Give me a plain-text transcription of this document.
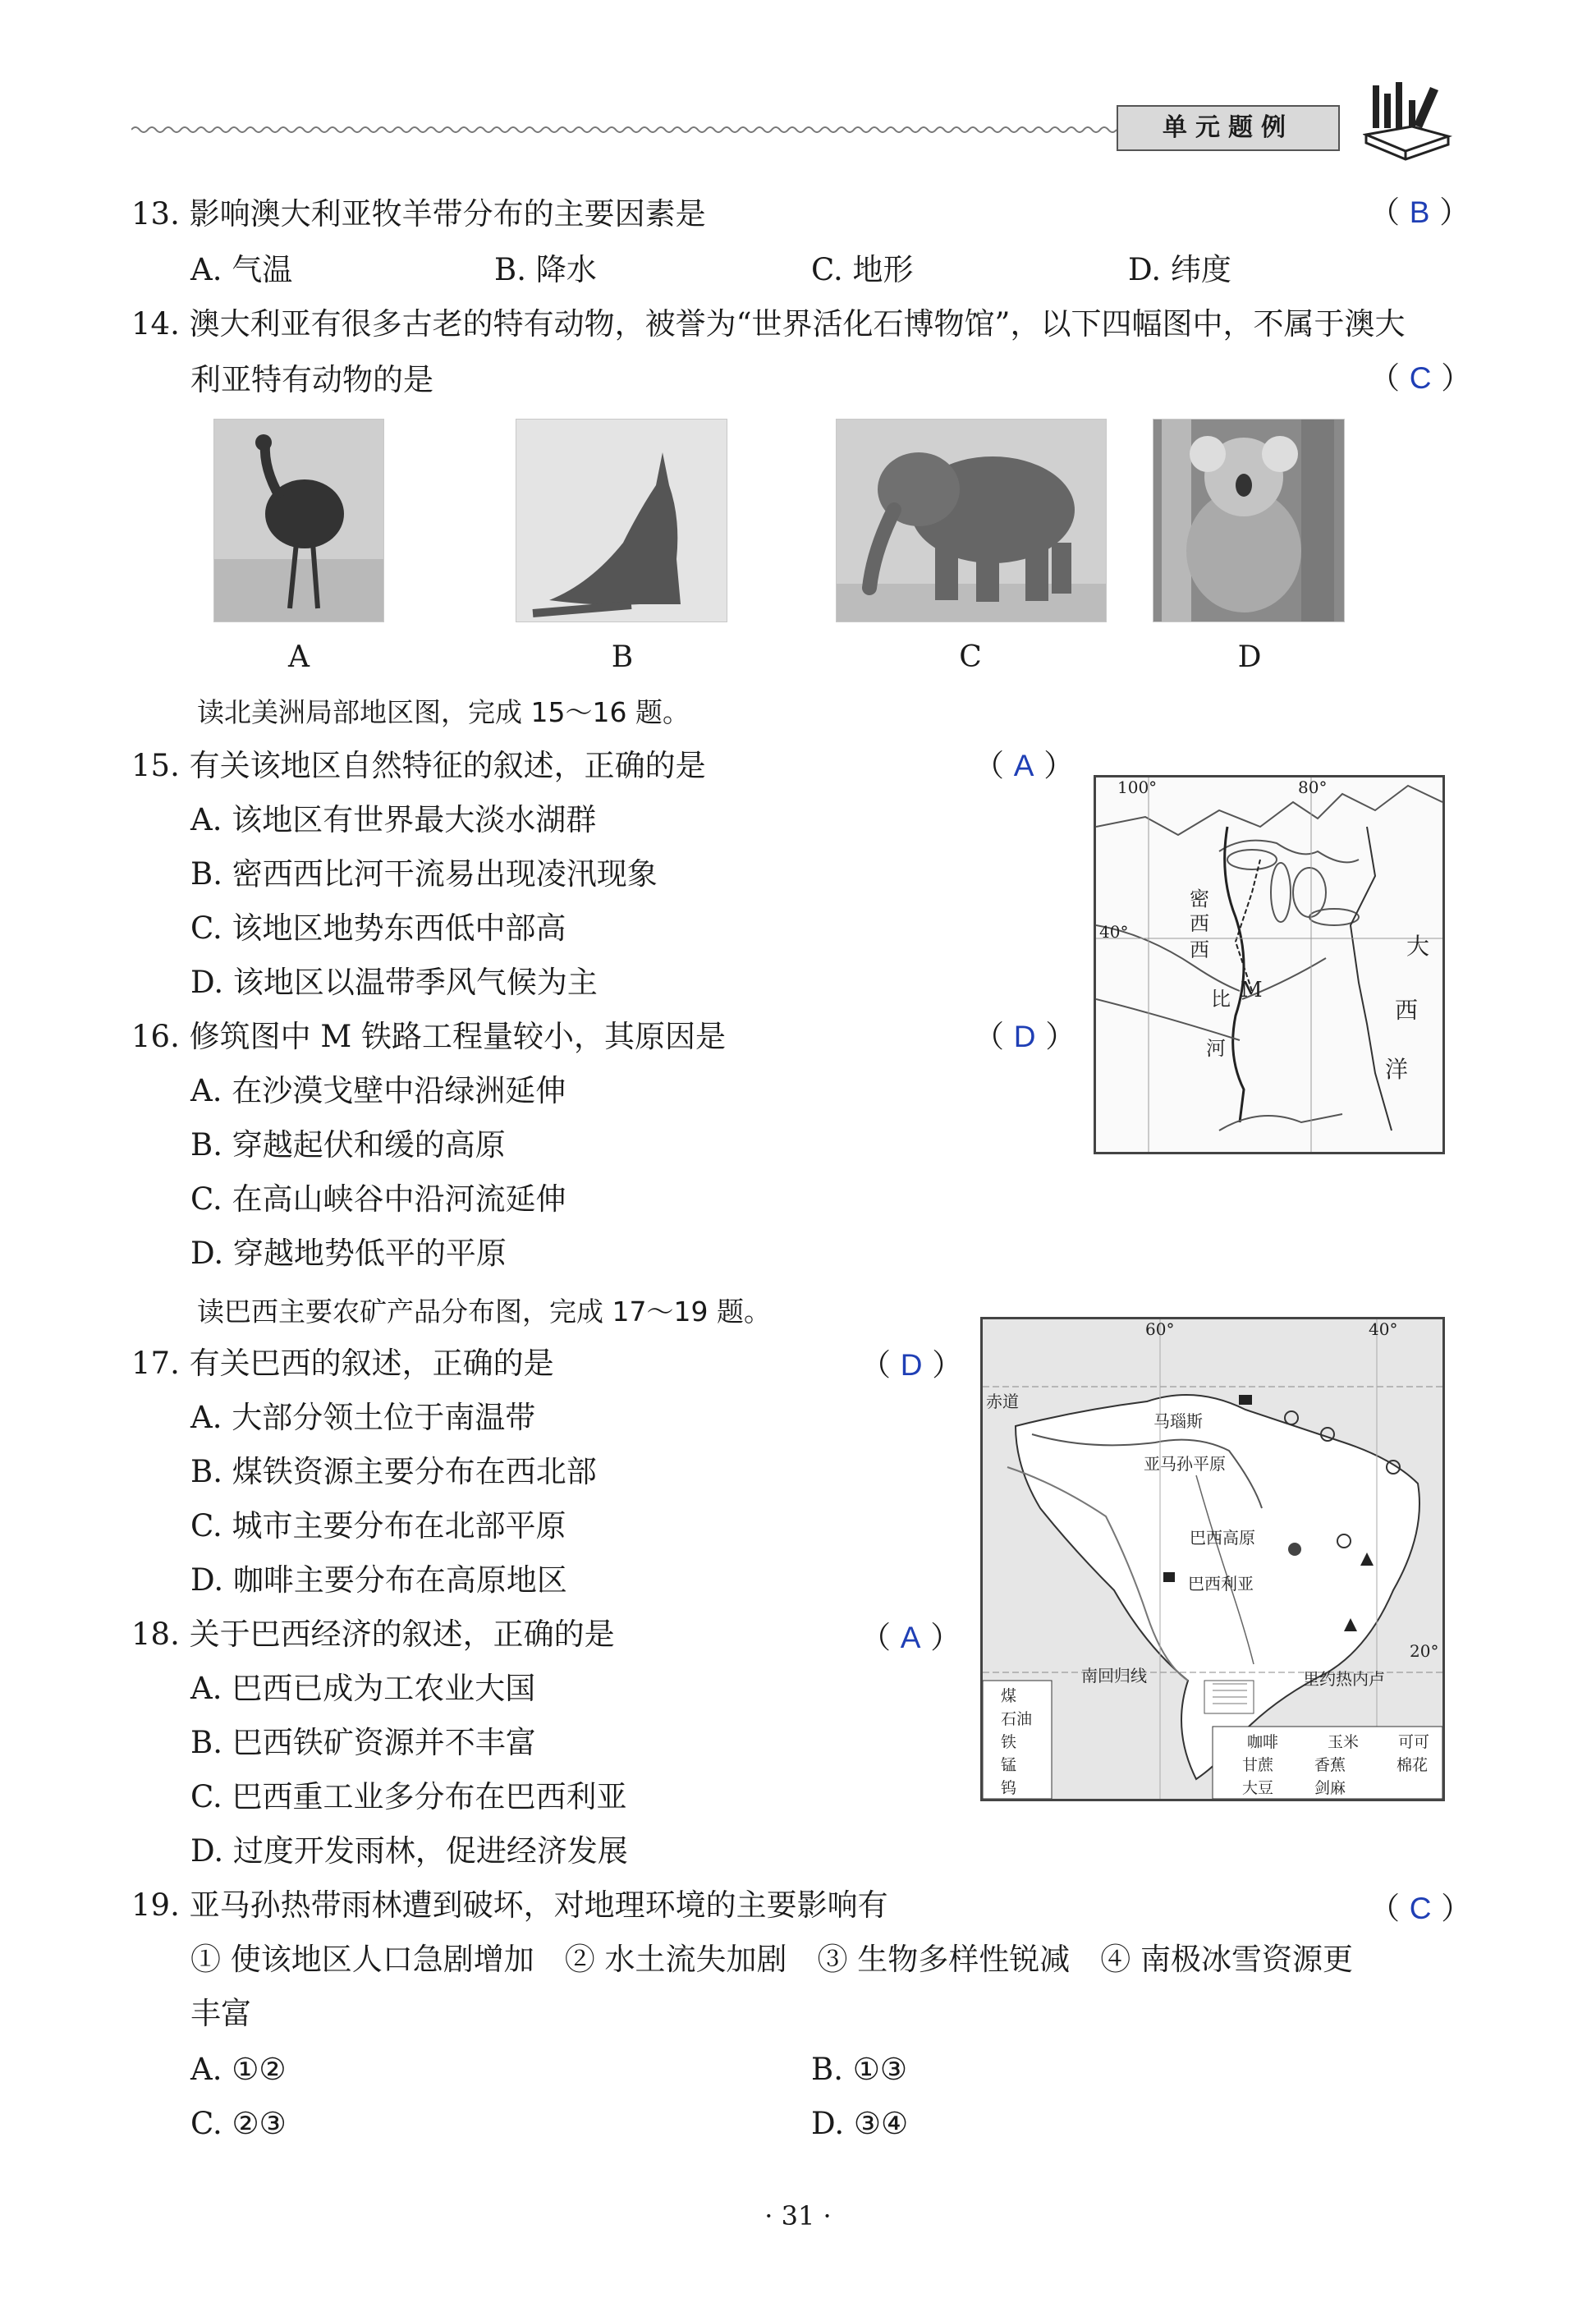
单元题例
13. 影响澳大利亚牧羊带分布的主要因素是	（ B ）
A. 气温	B. 降水	C. 地形	D. 纬度
14. 澳大利亚有很多古老的特有动物，被誉为“世界活化石博物馆”，以下四幅图中，不属于澳大
利亚特有动物的是	（ C ）
A	B	C	D
读北美洲局部地区图，完成 15～16 题。
15. 有关该地区自然特征的叙述，正确的是	（ A ）
A. 该地区有世界最大淡水湖群
B. 密西西比河干流易出现凌汛现象
C. 该地区地势东西低中部高
D. 该地区以温带季风气候为主
16. 修筑图中 M 铁路工程量较小，其原因是	（ D ）
A. 在沙漠戈壁中沿绿洲延伸
B. 穿越起伏和缓的高原
C. 在高山峡谷中沿河流延伸
D. 穿越地势低平的平原
100°	80°
40°
密
西
西
比
河
M
大
西
洋
读巴西主要农矿产品分布图，完成 17～19 题。
17. 有关巴西的叙述，正确的是	（ D ）
A. 大部分领土位于南温带
B. 煤铁资源主要分布在西北部
C. 城市主要分布在北部平原
D. 咖啡主要分布在高原地区
18. 关于巴西经济的叙述，正确的是	（ A ）
A. 巴西已成为工农业大国
B. 巴西铁矿资源并不丰富
C. 巴西重工业多分布在巴西利亚
D. 过度开发雨林，促进经济发展
60°	40°
20°
赤道
南回归线
马瑙斯
亚马孙平原
巴西高原
巴西利亚
里约热内卢
煤
石油
铁
锰
钨
咖啡	玉米	可可
甘蔗	香蕉	棉花
大豆	剑麻
19. 亚马孙热带雨林遭到破坏，对地理环境的主要影响有	（ C ）
① 使该地区人口急剧增加　② 水土流失加剧　③ 生物多样性锐减　④ 南极冰雪资源更
丰富
A. ①②	B. ①③
C. ②③	D. ③④
· 31 ·
